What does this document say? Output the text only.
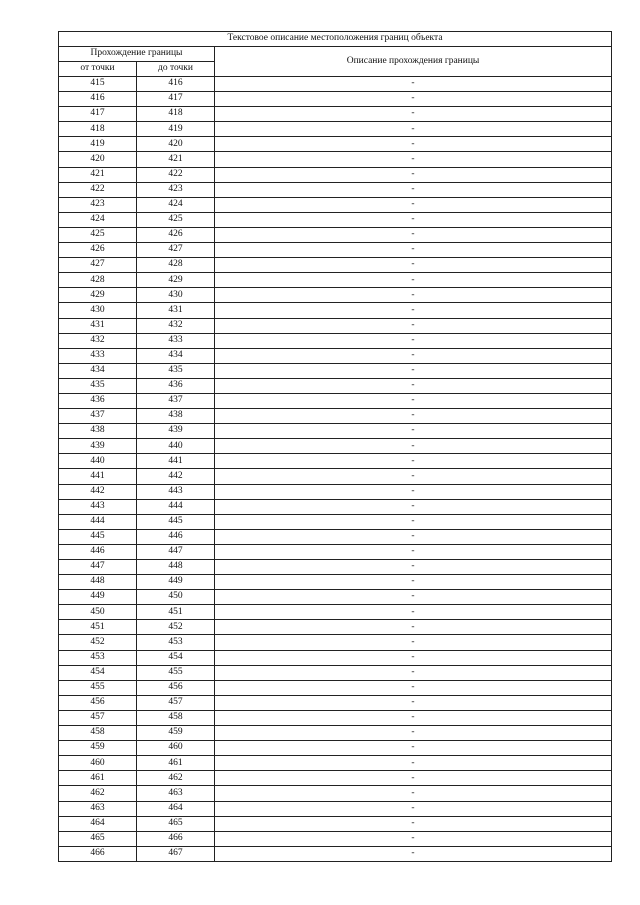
Текстовое описание местоположения границ объекта		
Прохождение границы		Описание прохождения границы
от точки	до точки	
415	416	-
416	417	-
417	418	-
418	419	-
419	420	-
420	421	-
421	422	-
422	423	-
423	424	-
424	425	-
425	426	-
426	427	-
427	428	-
428	429	-
429	430	-
430	431	-
431	432	-
432	433	-
433	434	-
434	435	-
435	436	-
436	437	-
437	438	-
438	439	-
439	440	-
440	441	-
441	442	-
442	443	-
443	444	-
444	445	-
445	446	-
446	447	-
447	448	-
448	449	-
449	450	-
450	451	-
451	452	-
452	453	-
453	454	-
454	455	-
455	456	-
456	457	-
457	458	-
458	459	-
459	460	-
460	461	-
461	462	-
462	463	-
463	464	-
464	465	-
465	466	-
466	467	-
